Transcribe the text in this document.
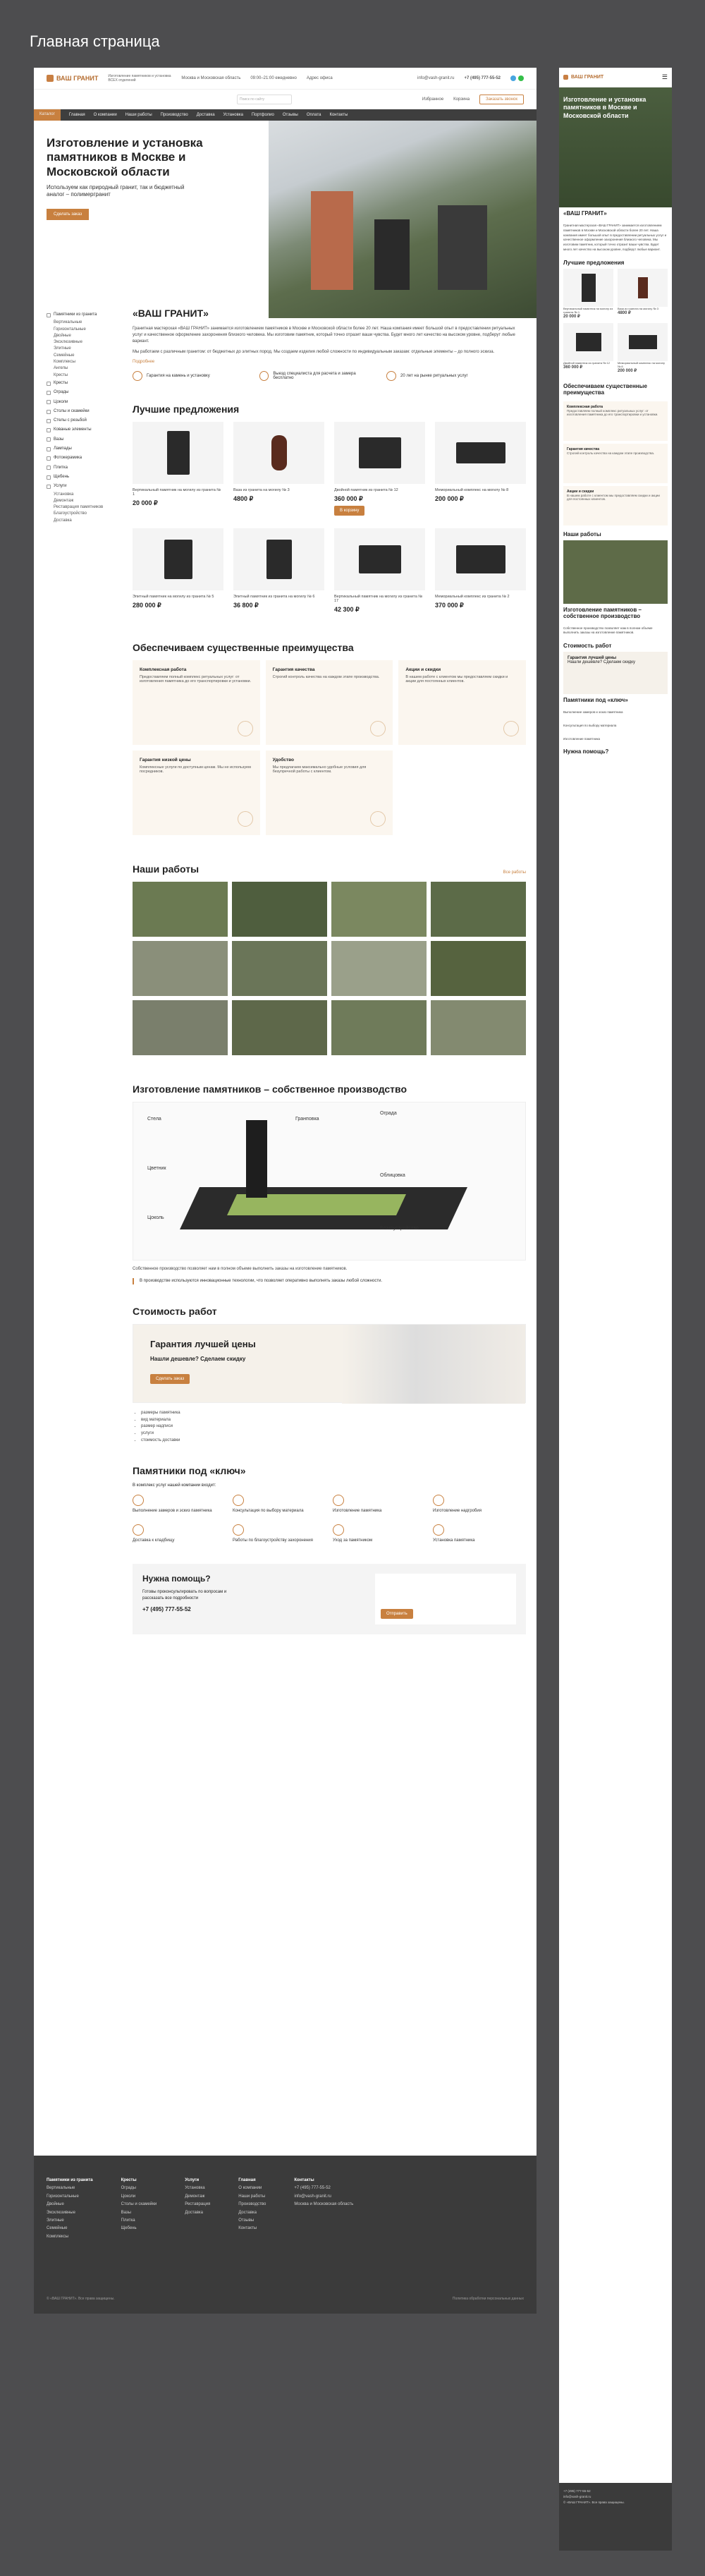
Главная страница
ВАШ ГРАНИТ	Изготовление памятников и установка ВСЕХ отделений	Москва и Московская область 09:00–21:00 ежедневно Адрес офиса	info@vash-granit.ru +7 (495) 777-55-52
Поиск по сайту	Избранное Корзина	Заказать звонок
Каталог	Главная О компании Наши работы Производство Доставка Установка Портфолио Отзывы Оплата Контакты
Изготовление и установка памятников в Москве и Московской области
Используем как природный гранит, так и бюджетный аналог – полимергранит
Сделать заказ
Памятники из гранита
Вертикальные
Горизонтальные
Двойные
Эксклюзивные
Элитные
Семейные
Комплексы
Ангелы
Кресты
Кресты
Ограды
Цоколи
Столы и скамейки
Стелы с резьбой
Кованые элементы
Вазы
Лампады
Фотокерамика
Плитка
Щебень
Услуги
Установка
Демонтаж
Реставрация памятников
Благоустройство
Доставка
«ВАШ ГРАНИТ»

Гранитная мастерская «ВАШ ГРАНИТ» занимается изготовлением памятников в Москве и Московской области более 20 лет. Наша компания имеет большой опыт в предоставлении ритуальных услуг и качественное оформление захоронения близкого человека. Мы изготовим памятник, который точно отразит ваши чувства. Будет много лет качество на высоком уровне, подберут любые вариант.

Мы работаем с различным гранитом: от бюджетных до элитных пород. Мы создаем изделия любой сложности по индивидуальным заказам: отдельные элементы – до полного эскиза.

Подробнее
Гарантия на камень и установку	Выезд специалиста для расчета и замера бесплатно	20 лет на рынке ритуальных услуг
Лучшие предложения
Вертикальный памятник на могилу из гранита № 1
20 000 ₽
Ваза из гранита на могилу № 3
4800 ₽
Двойной памятник из гранита № 12
360 000 ₽
В корзину
Мемориальный комплекс на могилу № 8
200 000 ₽
Элитный памятник на могилу из гранита № 5
280 000 ₽
Элитный памятник из гранита на могилу № 6
36 800 ₽
Вертикальный памятник на могилу из гранита № 17
42 300 ₽
Мемориальный комплекс из гранита № 2
370 000 ₽
Обеспечиваем существенные преимущества
Комплексная работа
Предоставляем полный комплекс ритуальных услуг: от изготовления памятника до его транспортировки и установки.
Гарантия качества
Строгий контроль качества на каждом этапе производства.
Акции и скидки
В нашем работе с клиентом мы предоставляем скидки и акции для постоянных клиентов.
Гарантия низкой цены
Комплексные услуги по доступным ценам. Мы не используем посредников.
Удобство
Мы предлагаем максимально удобные условия для безупречной работы с клиентом.
Наши работы	Все работы
Изготовление памятников – собственное производство
Стела	Гранповка
Ограда
Цветник
Облицовка
Цоколь
Благоустройство
Собственное производство позволяет нам в полном объеме выполнить заказы на изготовление памятников.
В производстве используются инновационные технологии, что позволяет оперативно выполнять заказы любой сложности.
Стоимость работ
Гарантия лучшей цены

Нашли дешевле? Сделаем скидку

Сделать заказ
• размеры памятника
• вид материала
• размер надписи
• услуги
• стоимость доставки
Памятники под «ключ»
В комплекс услуг нашей компании входит:
Выполнение замеров и эскиз памятника	Консультация по выбору материала	Изготовление памятника	Изготовление надгробия
Доставка к кладбищу	Работы по благоустройству захоронения	Уход за памятником	Установка памятника
Нужна помощь?
Готовы проконсультировать по вопросам и рассказать все подробности
+7 (495) 777-55-52
Отправить
Памятники из гранита
Вертикальные
Горизонтальные
Двойные
Эксклюзивные
Элитные
Семейные
Комплексы
Кресты
Ограды
Цоколи
Столы и скамейки
Вазы
Плитка
Щебень
Услуги
Установка
Демонтаж
Реставрация
Доставка
Главная
О компании
Наши работы
Производство
Доставка
Отзывы
Контакты
Контакты
+7 (495) 777-55-52
info@vash-granit.ru
Москва и Московская область
© «ВАШ ГРАНИТ». Все права защищены.	Политика обработки персональных данных
ВАШ ГРАНИТ	☰
Изготовление и установка памятников в Москве и Московской области
«ВАШ ГРАНИТ»
Гранитная мастерская «ВАШ ГРАНИТ» занимается изготовлением памятников в Москве и Московской области более 20 лет. Наша компания имеет большой опыт в предоставлении ритуальных услуг и качественное оформление захоронения близкого человека. Мы изготовим памятник, который точно отразит ваши чувства. Будет много лет качество на высоком уровне, подберут любые вариант.
Лучшие предложения
Вертикальный памятник на могилу из гранита № 1
20 000 ₽
Ваза из гранита на могилу № 3
4800 ₽
Двойной памятник из гранита № 12
360 000 ₽
Мемориальный комплекс на могилу № 8
200 000 ₽
Обеспечиваем существенные преимущества
Комплексная работа
Предоставляем полный комплекс ритуальных услуг: от изготовления памятника до его транспортировки и установки.
Гарантия качества
Строгий контроль качества на каждом этапе производства.
Акции и скидки
В нашем работе с клиентом мы предоставляем скидки и акции для постоянных клиентов.
Наши работы
Изготовление памятников – собственное производство
Собственное производство позволяет нам в полном объеме выполнить заказы на изготовление памятников.
Стоимость работ
Гарантия лучшей цены
Нашли дешевле? Сделаем скидку
Памятники под «ключ»
Выполнение замеров и эскиз памятника
Консультация по выбору материала
Изготовление памятника
Нужна помощь?
+7 (495) 777-55-52
info@vash-granit.ru
© «ВАШ ГРАНИТ». Все права защищены.
